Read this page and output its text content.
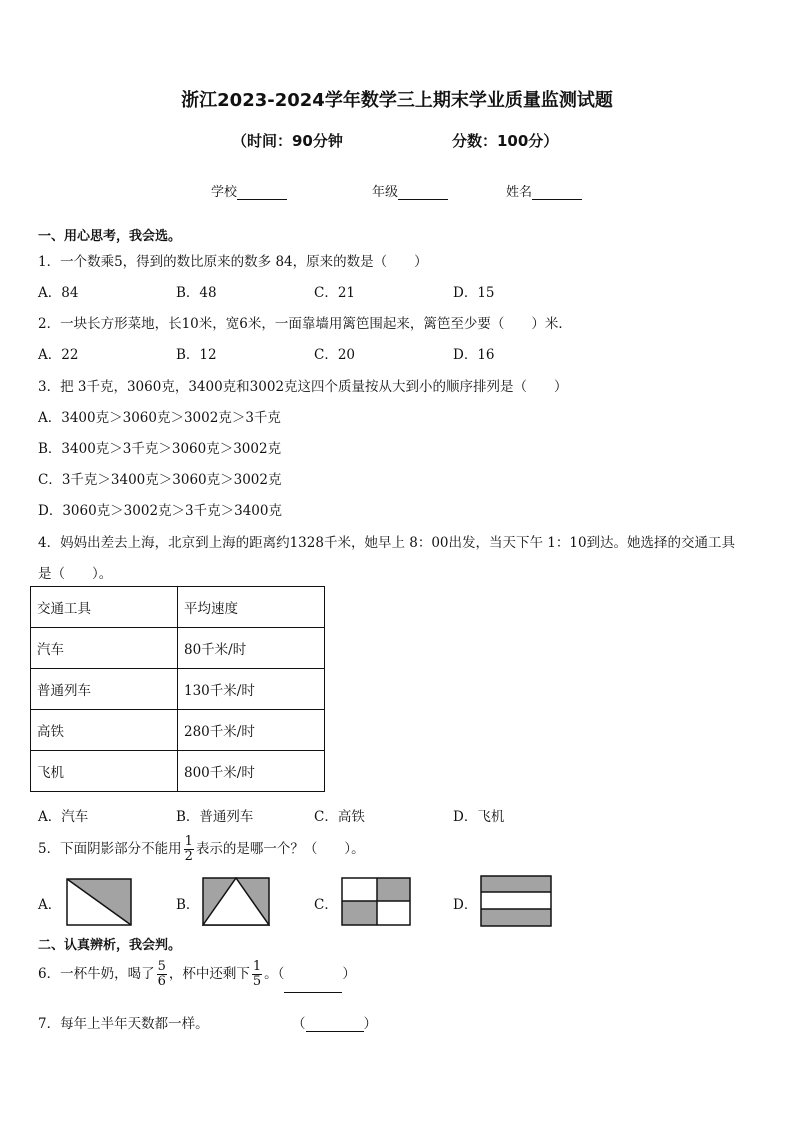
浙江2023-2024学年数学三上期末学业质量监测试题
（时间：90分钟	分数：100分）
学校	年级	姓名
一、用心思考，我会选。
1．一个数乘5，得到的数比原来的数多 84，原来的数是（　　）
A．84	B．48	C．21	D．15
2．一块长方形菜地，长10米，宽6米，一面靠墙用篱笆围起来，篱笆至少要（　　）米．
A．22	B．12	C．20	D．16
3．把 3千克，3060克，3400克和3002克这四个质量按从大到小的顺序排列是（　　）
A．3400克＞3060克＞3002克＞3千克
B．3400克＞3千克＞3060克＞3002克
C．3千克＞3400克＞3060克＞3002克
D．3060克＞3002克＞3千克＞3400克
4．妈妈出差去上海，北京到上海的距离约1328千米，她早上 8：00出发，当天下午 1：10到达。她选择的交通工具
是（　　）。
交通工具	平均速度
汽车	80千米/时
普通列车	130千米/时
高铁	280千米/时
飞机	800千米/时
A．汽车	B．普通列车	C．高铁	D．飞机
5．下面阴影部分不能用 $\frac{1}{2}$ 表示的是哪一个？（　　）。
A．	B．	C．	D．
二、认真辨析，我会判。
6．一杯牛奶，喝了 $\frac{5}{6}$ ，杯中还剩下 $\frac{1}{5}$ 。（	）
7．每年上半年天数都一样。	（	）
